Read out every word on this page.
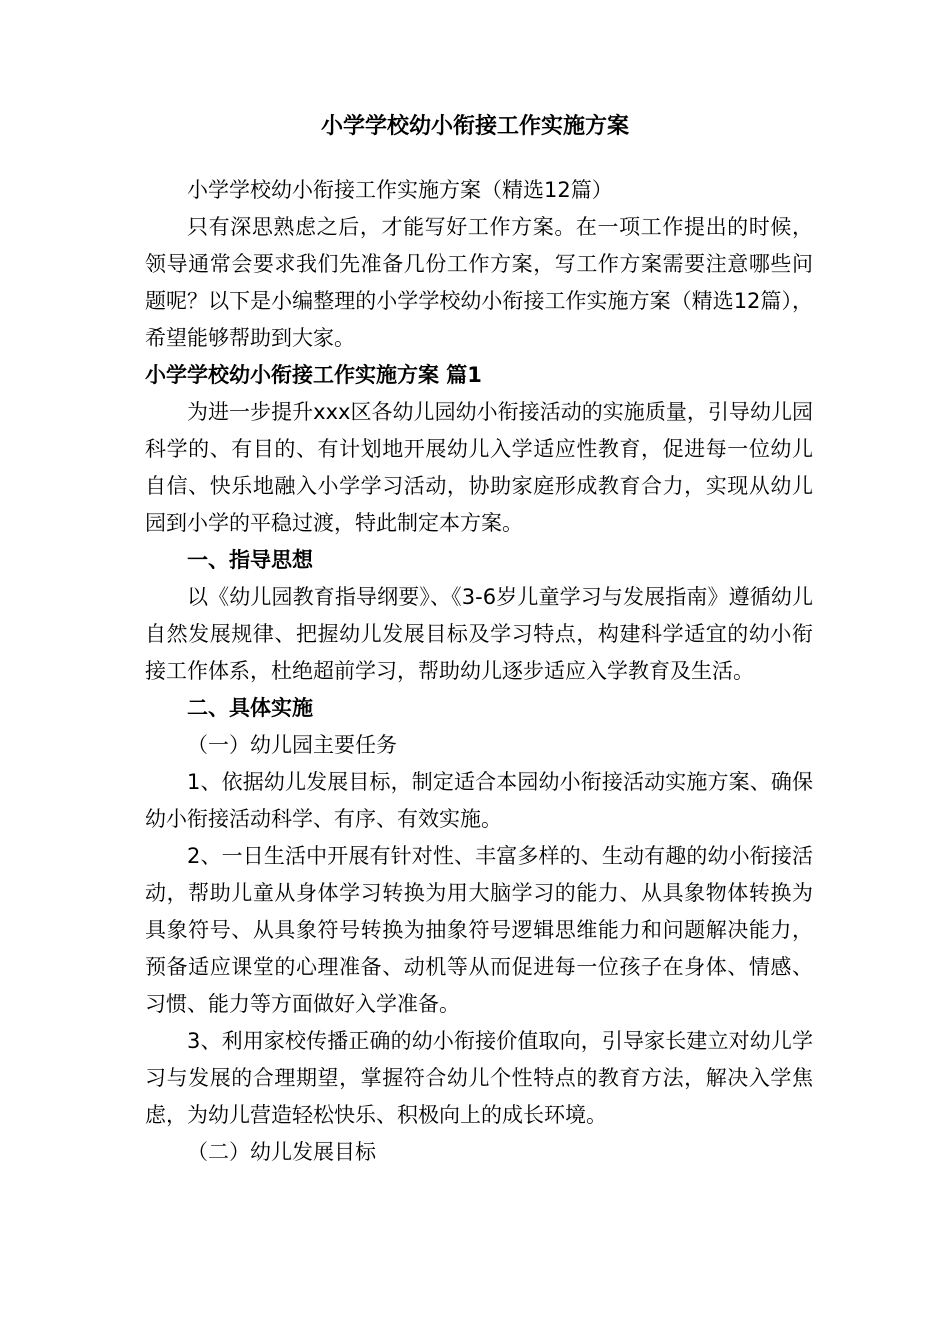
小学学校幼小衔接工作实施方案

小学学校幼小衔接工作实施方案（精选12篇）

只有深思熟虑之后，才能写好工作方案。在一项工作提出的时候，领导通常会要求我们先准备几份工作方案，写工作方案需要注意哪些问题呢？以下是小编整理的小学学校幼小衔接工作实施方案（精选12篇），希望能够帮助到大家。

小学学校幼小衔接工作实施方案 篇1

为进一步提升xxx区各幼儿园幼小衔接活动的实施质量，引导幼儿园科学的、有目的、有计划地开展幼儿入学适应性教育，促进每一位幼儿自信、快乐地融入小学学习活动，协助家庭形成教育合力，实现从幼儿园到小学的平稳过渡，特此制定本方案。

一、指导思想

以《幼儿园教育指导纲要》、《3-6岁儿童学习与发展指南》遵循幼儿自然发展规律、把握幼儿发展目标及学习特点，构建科学适宜的幼小衔接工作体系，杜绝超前学习，帮助幼儿逐步适应入学教育及生活。

二、具体实施

（一）幼儿园主要任务

1、依据幼儿发展目标，制定适合本园幼小衔接活动实施方案、确保幼小衔接活动科学、有序、有效实施。

2、一日生活中开展有针对性、丰富多样的、生动有趣的幼小衔接活动，帮助儿童从身体学习转换为用大脑学习的能力、从具象物体转换为具象符号、从具象符号转换为抽象符号逻辑思维能力和问题解决能力，预备适应课堂的心理准备、动机等从而促进每一位孩子在身体、情感、习惯、能力等方面做好入学准备。

3、利用家校传播正确的幼小衔接价值取向，引导家长建立对幼儿学习与发展的合理期望，掌握符合幼儿个性特点的教育方法，解决入学焦虑，为幼儿营造轻松快乐、积极向上的成长环境。

（二）幼儿发展目标
